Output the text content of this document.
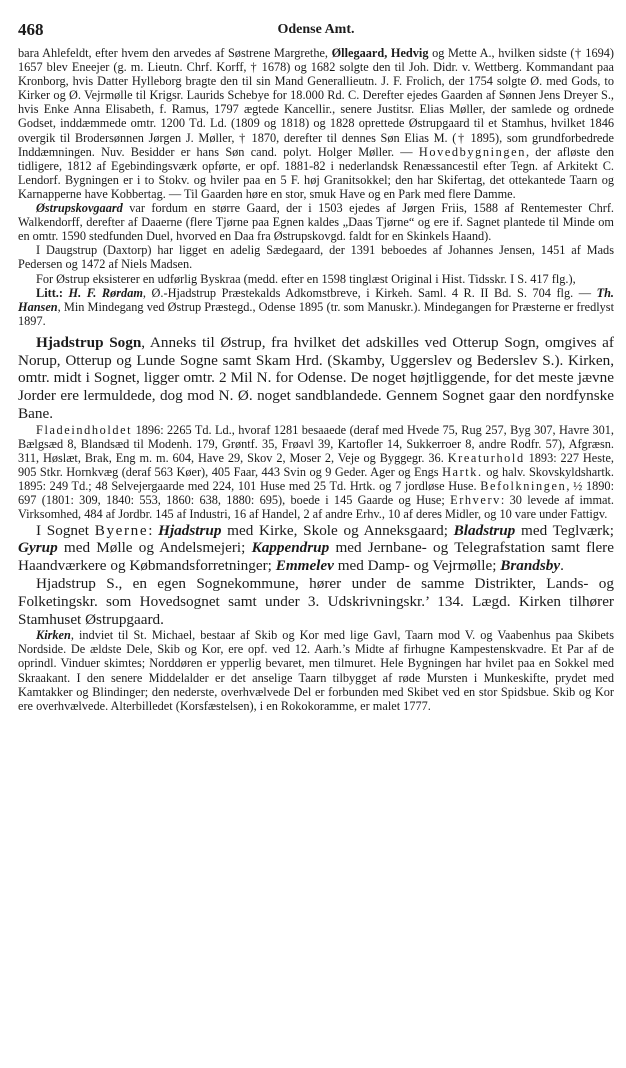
468	Odense Amt.

bara Ahlefeldt, efter hvem den arvedes af Søstrene Margrethe, Øllegaard, Hedvig og Mette A., hvilken sidste († 1694) 1657 blev Eneejer (g. m. Lieutn. Chrf. Korff, † 1678) og 1682 solgte den til Joh. Didr. v. Wettberg. Kommandant paa Kronborg, hvis Datter Hylleborg bragte den til sin Mand Generallieutn. J. F. Frolich, der 1754 solgte Ø. med Gods, to Kirker og Ø. Vejrmølle til Krigsr. Laurids Schebye for 18.000 Rd. C. Derefter ejedes Gaarden af Sønnen Jens Dreyer S., hvis Enke Anna Elisabeth, f. Ramus, 1797 ægtede Kancellir., senere Justitsr. Elias Møller, der samlede og ordnede Godset, inddæmmede omtr. 1200 Td. Ld. (1809 og 1818) og 1828 oprettede Østrupgaard til et Stamhus, hvilket 1846 overgik til Brodersønnen Jørgen J. Møller, † 1870, derefter til dennes Søn Elias M. († 1895), som grundforbedrede Inddæmningen. Nuv. Besidder er hans Søn cand. polyt. Holger Møller. — Hovedbygningen, der afløste den tidligere, 1812 af Egebindingsværk opførte, er opf. 1881-82 i nederlandsk Renæssancestil efter Tegn. af Arkitekt C. Lendorf. Bygningen er i to Stokv. og hviler paa en 5 F. høj Granitsokkel; den har Skifertag, det ottekantede Taarn og Karnapperne have Kobbertag. — Til Gaarden høre en stor, smuk Have og en Park med flere Damme.

Østrupskovgaard var fordum en større Gaard, der i 1503 ejedes af Jørgen Friis, 1588 af Rentemester Chrf. Walkendorff, derefter af Daaerne (flere Tjørne paa Egnen kaldes „Daas Tjørne“ og ere if. Sagnet plantede til Minde om en omtr. 1590 stedfunden Duel, hvorved en Daa fra Østrupskovgd. faldt for en Skinkels Haand).

I Daugstrup (Daxtorp) har ligget en adelig Sædegaard, der 1391 beboedes af Johannes Jensen, 1451 af Mads Pedersen og 1472 af Niels Madsen.

For Østrup eksisterer en udførlig Byskraa (medd. efter en 1598 tinglæst Original i Hist. Tidsskr. I S. 417 flg.),

Litt.: H. F. Rørdam, Ø.-Hjadstrup Præstekalds Adkomstbreve, i Kirkeh. Saml. 4 R. II Bd. S. 704 flg. — Th. Hansen, Min Mindegang ved Østrup Præstegd., Odense 1895 (tr. som Manuskr.). Mindegangen for Præsterne er fredlyst 1897.

Hjadstrup Sogn, Anneks til Østrup, fra hvilket det adskilles ved Otterup Sogn, omgives af Norup, Otterup og Lunde Sogne samt Skam Hrd. (Skamby, Uggerslev og Bederslev S.). Kirken, omtr. midt i Sognet, ligger omtr. 2 Mil N. for Odense. De noget højtliggende, for det meste jævne Jorder ere lermuldede, dog mod N. Ø. noget sandblandede. Gennem Sognet gaar den nordfynske Bane.

Fladeindholdet 1896: 2265 Td. Ld., hvoraf 1281 besaaede (deraf med Hvede 75, Rug 257, Byg 307, Havre 301, Bælgsæd 8, Blandsæd til Modenh. 179, Grøntf. 35, Frøavl 39, Kartofler 14, Sukkerroer 8, andre Rodfr. 57), Afgræsn. 311, Høslæt, Brak, Eng m. m. 604, Have 29, Skov 2, Moser 2, Veje og Byggegr. 36. Kreaturhold 1893: 227 Heste, 905 Stkr. Hornkvæg (deraf 563 Køer), 405 Faar, 443 Svin og 9 Geder. Ager og Engs Hartk. og halv. Skovskyldshartk. 1895: 249 Td.; 48 Selvejergaarde med 224, 101 Huse med 25 Td. Hrtk. og 7 jordløse Huse. Befolkningen, ½ 1890: 697 (1801: 309, 1840: 553, 1860: 638, 1880: 695), boede i 145 Gaarde og Huse; Erhverv: 30 levede af immat. Virksomhed, 484 af Jordbr. 145 af Industri, 16 af Handel, 2 af andre Erhv., 10 af deres Midler, og 10 vare under Fattigv.

I Sognet Byerne: Hjadstrup med Kirke, Skole og Anneksgaard; Bladstrup med Teglværk; Gyrup med Mølle og Andelsmejeri; Kappendrup med Jernbane- og Telegrafstation samt flere Haandværkere og Købmandsforretninger; Emmelev med Damp- og Vejrmølle; Brandsby.

Hjadstrup S., en egen Sognekommune, hører under de samme Distrikter, Lands- og Folketingskr. som Hovedsognet samt under 3. Udskrivningskr.’ 134. Lægd. Kirken tilhører Stamhuset Østrupgaard.

Kirken, indviet til St. Michael, bestaar af Skib og Kor med lige Gavl, Taarn mod V. og Vaabenhus paa Skibets Nordside. De ældste Dele, Skib og Kor, ere opf. ved 12. Aarh.’s Midte af firhugne Kampestenskvadre. Et Par af de oprindl. Vinduer skimtes; Norddøren er ypperlig bevaret, men tilmuret. Hele Bygningen har hvilet paa en Sokkel med Skraakant. I den senere Middelalder er det anselige Taarn tilbygget af røde Mursten i Munkeskifte, prydet med Kamtakker og Blindinger; den nederste, overhvælvede Del er forbunden med Skibet ved en stor Spidsbue. Skib og Kor ere overhvælvede. Alterbilledet (Korsfæstelsen), i en Rokokoramme, er malet 1777.
